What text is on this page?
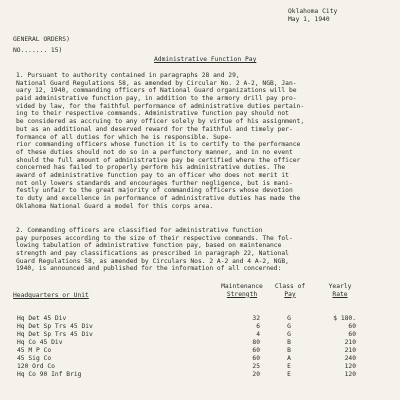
Oklahoma City
May 1, 1940
GENERAL ORDERS)
NO....... 15)
Administrative Function Pay
1. Pursuant to authority contained in paragraphs 28 and 29,
National Guard Regulations 58, as amended by Circular No. 2 A-2, NGB, Jan-
uary 12, 1940, commanding officers of National Guard organizations will be
paid administrative function pay, in addition to the armory drill pay pro-
vided by law, for the faithful performance of administrative duties pertain-
ing to their respective commands. Administrative function pay should not
be considered as accruing to any officer solely by virtue of his assignment,
but as an additional and deserved reward for the faithful and timely per-
formance of all duties for which he is responsible. Supe-
rior commanding officers whose function it is to certify to the performance
of these duties should not do so in a perfunctory manner, and in no event
should the full amount of administrative pay be certified where the officer
concerned has failed to properly perform his administrative duties. The
award of administrative function pay to an officer who does not merit it
not only lowers standards and encourages further negligence, but is mani-
festly unfair to the great majority of commanding officers whose devotion
to duty and excellence in performance of administrative duties has made the
Oklahoma National Guard a model for this corps area.
2. Commanding officers are classified for administrative function
pay purposes according to the size of their respective commands. The fol-
lowing tabulation of administrative function pay, based on maintenance
strength and pay classifications as prescribed in paragraph 22, National
Guard Regulations 58, as amended by Circulars Nos. 2 A-2 and 4 A-2, NGB,
1940, is announced and published for the information of all concerned:
Headquarters or Unit
Maintenance
Strength
Class of
Pay
Yearly
Rate
Hq Det 45 Div	32	G	$ 180.
Hq Det Sp Trs 45 Div	6	G	60
Hq Det Sp Trs 45 Div	4	G	60
Hq Co 45 Div	80	B	210
45 M P Co	60	B	210
45 Sig Co	60	A	240
120 Ord Co	25	E	120
Hq Co 90 Inf Brig	20	E	120
